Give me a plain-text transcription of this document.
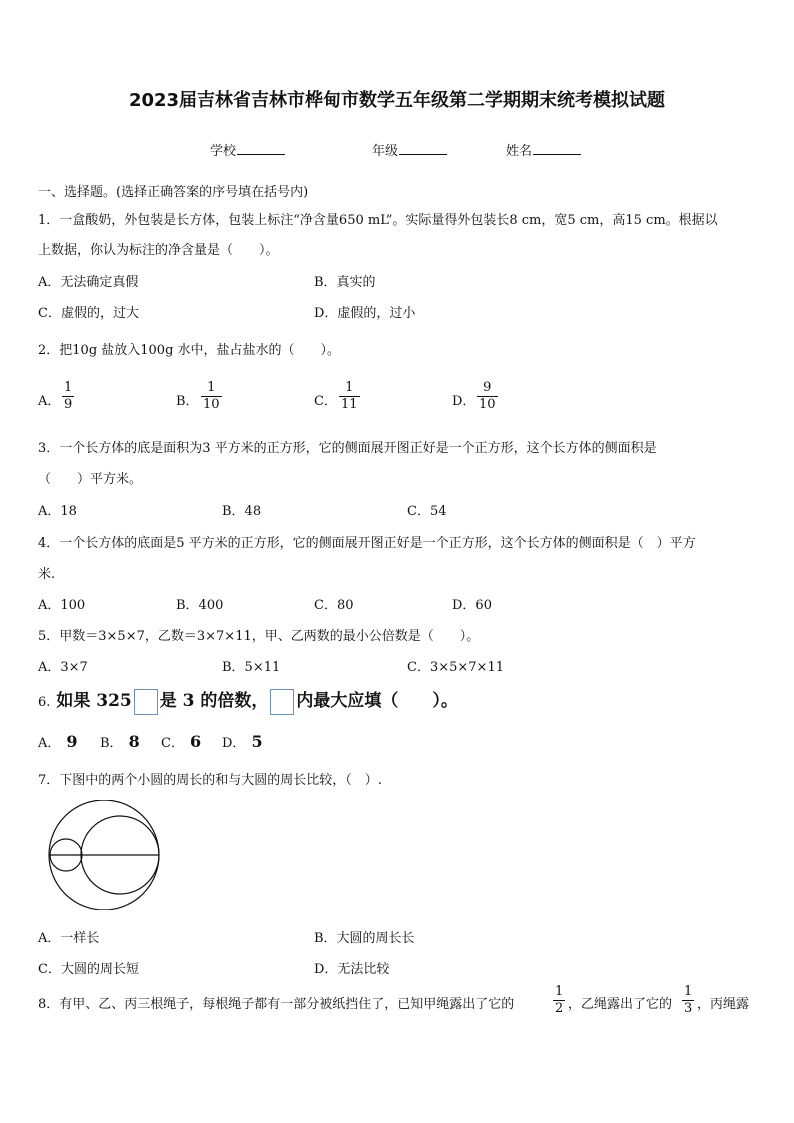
2023届吉林省吉林市桦甸市数学五年级第二学期期末统考模拟试题
学校	年级	姓名
一、选择题。(选择正确答案的序号填在括号内)
1．一盒酸奶，外包装是长方体，包装上标注“净含量650 mL”。实际量得外包装长8 cm，宽5 cm，高15 cm。根据以
上数据，你认为标注的净含量是（　　）。
A．无法确定真假	B．真实的
C．虚假的，过大	D．虚假的，过小
2．把10g 盐放入100g 水中，盐占盐水的（　　）。
A．
1
9	B．
1
10	C．
1
11	D．
9
10
3．一个长方体的底是面积为3 平方米的正方形，它的侧面展开图正好是一个正方形，这个长方体的侧面积是
（　　）平方米。
A．18	B．48	C．54
4．一个长方体的底面是5 平方米的正方形，它的侧面展开图正好是一个正方形，这个长方体的侧面积是（　）平方
米.
A．100	B．400	C．80	D．60
5．甲数＝3×5×7，乙数＝3×7×11，甲、乙两数的最小公倍数是（　　）。
A．3×7	B．5×11	C．3×5×7×11
6. 如果 325 是 3 的倍数， 内最大应填（　　）。
A． 9 B． 8 C． 6 D． 5
7．下图中的两个小圆的周长的和与大圆的周长比较，（　）.
A．一样长	B．大圆的周长长
C．大圆的周长短	D．无法比较
8．有甲、乙、丙三根绳子，每根绳子都有一部分被纸挡住了，已知甲绳露出了它的
1
2 ，乙绳露出了它的
1
3 ，丙绳露
